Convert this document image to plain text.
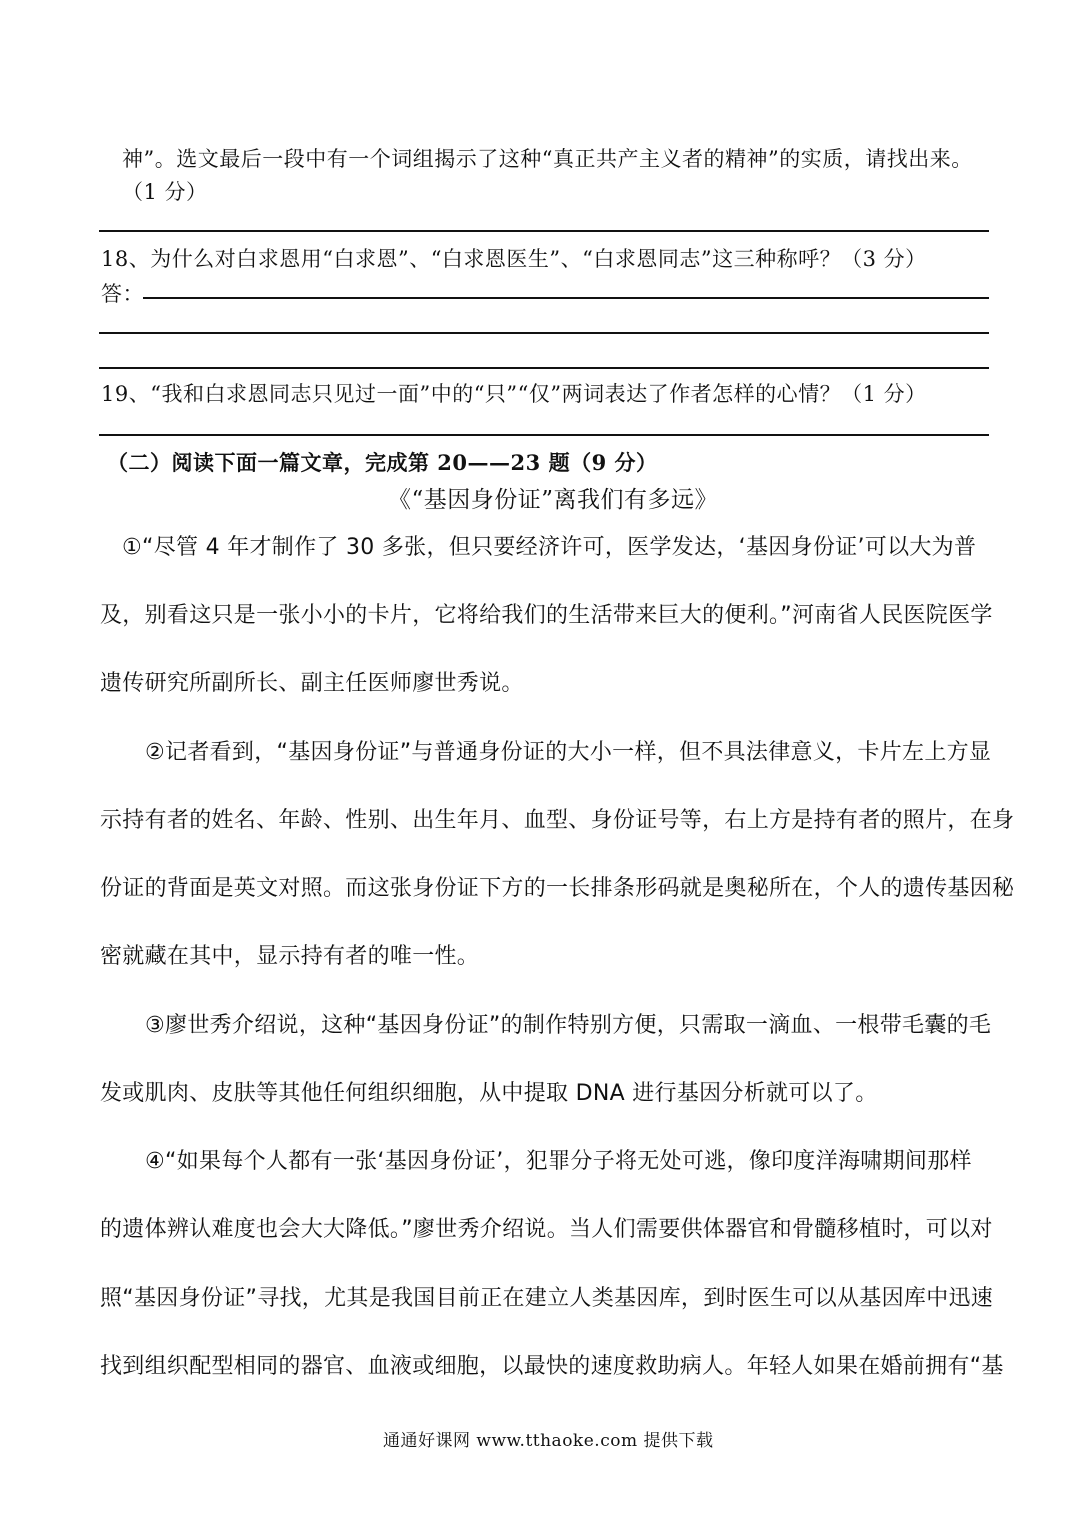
神”。选文最后一段中有一个词组揭示了这种“真正共产主义者的精神”的实质，请找出来。
（1 分）
18、为什么对白求恩用“白求恩”、“白求恩医生”、“白求恩同志”这三种称呼？（3 分）
答：
19、“我和白求恩同志只见过一面”中的“只”“仅”两词表达了作者怎样的心情？（1 分）
（二）阅读下面一篇文章，完成第 20——23 题（9 分）
《“基因身份证”离我们有多远》
①“尽管 4 年才制作了 30 多张，但只要经济许可，医学发达，‘基因身份证’可以大为普
及，别看这只是一张小小的卡片，它将给我们的生活带来巨大的便利。”河南省人民医院医学
遗传研究所副所长、副主任医师廖世秀说。
②记者看到，“基因身份证”与普通身份证的大小一样，但不具法律意义，卡片左上方显
示持有者的姓名、年龄、性别、出生年月、血型、身份证号等，右上方是持有者的照片，在身
份证的背面是英文对照。而这张身份证下方的一长排条形码就是奥秘所在，个人的遗传基因秘
密就藏在其中，显示持有者的唯一性。
③廖世秀介绍说，这种“基因身份证”的制作特别方便，只需取一滴血、一根带毛囊的毛
发或肌肉、皮肤等其他任何组织细胞，从中提取 DNA 进行基因分析就可以了。
④“如果每个人都有一张‘基因身份证’，犯罪分子将无处可逃，像印度洋海啸期间那样
的遗体辨认难度也会大大降低。”廖世秀介绍说。当人们需要供体器官和骨髓移植时，可以对
照“基因身份证”寻找，尤其是我国目前正在建立人类基因库，到时医生可以从基因库中迅速
找到组织配型相同的器官、血液或细胞，以最快的速度救助病人。年轻人如果在婚前拥有“基
通通好课网 www.tthaoke.com 提供下载
